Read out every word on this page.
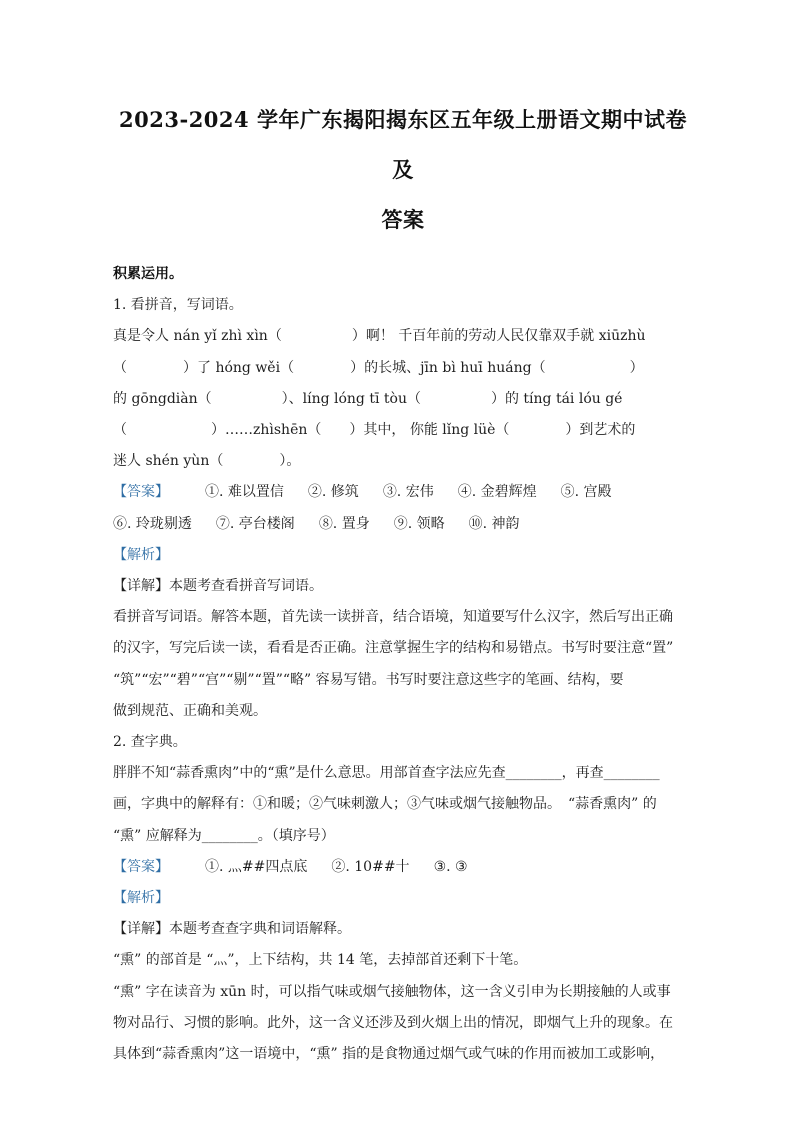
2023-2024 学年广东揭阳揭东区五年级上册语文期中试卷及
答案

积累运用。

1. 看拼音，写词语。

真是令人 nán yǐ zhì xìn（　　　　　）啊！ 千百年前的劳动人民仅靠双手就 xiūzhù

（　　　　）了 hóng wěi（　　　　）的长城、jīn bì huī huáng（　　　　　　）

的 gōngdiàn（　　　　　）、líng lóng tī tòu（　　　　　）的 tíng tái lóu gé

（　　　　　　）……zhìshēn（　　）其中， 你能 lǐng lüè（　　　　）到艺术的

迷人 shén yùn（　　　　）。

【答案】	①. 难以置信 ②. 修筑 ③. 宏伟 ④. 金碧辉煌 ⑤. 宫殿

⑥. 玲珑剔透 ⑦. 亭台楼阁 ⑧. 置身 ⑨. 领略 ⑩. 神韵

【解析】

【详解】本题考查看拼音写词语。

看拼音写词语。解答本题，首先读一读拼音，结合语境，知道要写什么汉字，然后写出正确

的汉字，写完后读一读，看看是否正确。注意掌握生字的结构和易错点。书写时要注意“置”

“筑”“宏”“碧”“宫”“剔”“置”“略” 容易写错。书写时要注意这些字的笔画、结构，要

做到规范、正确和美观。

2. 查字典。

胖胖不知“蒜香熏肉”中的“熏”是什么意思。用部首查字法应先查________，再查________

画，字典中的解释有：①和暖；②气味刺激人；③气味或烟气接触物品。　“蒜香熏肉” 的

“熏” 应解释为________。（填序号）

【答案】	①. 灬##四点底 ②. 10##十 ③. ③

【解析】

【详解】本题考查查字典和词语解释。

“熏” 的部首是 “灬”，上下结构，共 14 笔，去掉部首还剩下十笔。

“熏” 字在读音为 xūn 时，可以指气味或烟气接触物体，这一含义引申为长期接触的人或事

物对品行、习惯的影响。此外，这一含义还涉及到火烟上出的情况，即烟气上升的现象。在

具体到“蒜香熏肉”这一语境中，“熏” 指的是食物通过烟气或气味的作用而被加工或影响，
